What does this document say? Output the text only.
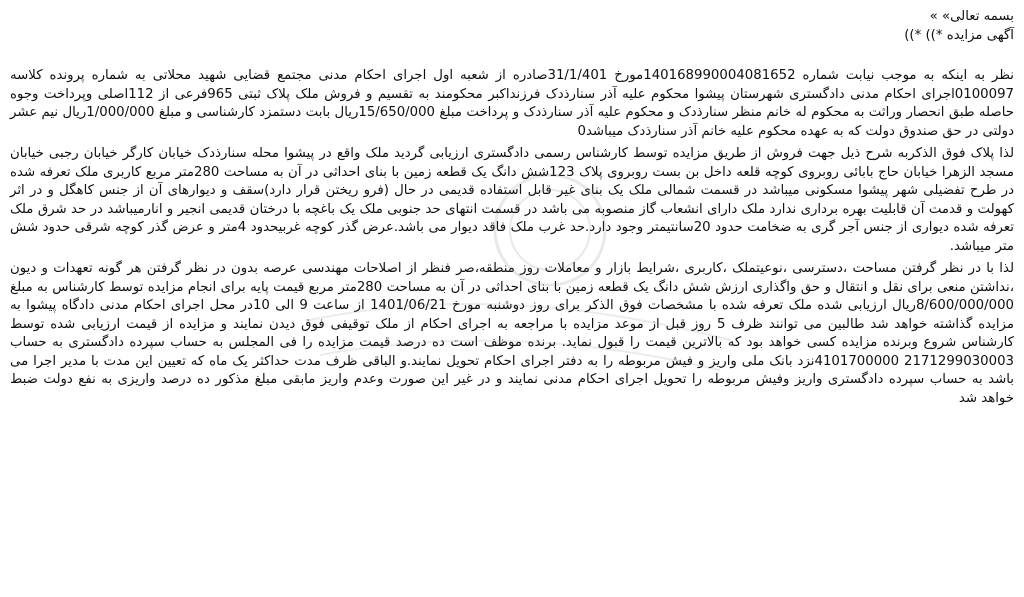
بسمه تعالی» »
آگهی مزایده *)) *))

نظر به اینکه به موجب نیابت شماره 140168990004081652مورخ 31/1/401صادره از شعبه اول اجرای احکام مدنی مجتمع قضایی شهید محلاتی به شماره پرونده کلاسه 0100097اجرای احکام مدنی دادگستری شهرستان پیشوا محکوم علیه آذر سنارذدک فرزنداکبر محکومند به تقسیم و فروش ملک پلاک ثبتی 965فرعی از 112اصلی وپرداخت وجوه حاصله طبق انحصار وراثت به محکوم له خانم منظر سنارذدک و محکوم علیه آذر سنارذدک و پرداخت مبلغ 15/650/000ریال بابت دستمزد کارشناسی و مبلغ 1/000/000ریال نیم عشر دولتی در حق صندوق دولت که به عهده محکوم علیه خانم آذر سنارذدک میباشد0

لذا پلاک فوق الذکربه شرح ذیل جهت فروش از طریق مزایده توسط کارشناس رسمی دادگستری ارزیابی گردید ملک واقع در پیشوا محله سنارذدک خیابان کارگر خیابان رجبی خیابان مسجد الزهرا خیابان حاج بابائی روبروی کوچه قلعه داخل بن بست روبروی پلاک 123شش دانگ یک قطعه زمین با بنای احداثی در آن به مساحت 280متر مربع کاربری ملک تعرفه شده در طرح تفضیلی شهر پیشوا مسکونی میباشد در قسمت شمالی ملک یک بنای غیر قابل استفاده قدیمی در حال (فرو ریختن قرار دارد)سقف و دیوارهای آن از جنس کاهگل و در اثر کهولت و قدمت آن قابلیت بهره برداری ندارد ملک دارای انشعاب گاز منصوبه می باشد در قسمت انتهای حد جنوبی ملک یک باغچه با درختان قدیمی انجیر و انارمیباشد در حد شرق ملک تعرفه شده دیواری از جنس آجر گری به ضخامت حدود 20سانتیمتر وجود دارد.حد غرب ملک فاقد دیوار می باشد.عرض گذر کوچه غربیحدود 4متر و عرض گذر کوچه شرقی حدود شش متر میباشد.

لذا با در نظر گرفتن مساحت ،دسترسی ،نوعیتملک ،کاربری ،شرایط بازار و معاملات روز منطقه،صر فنظر از اصلاحات مهندسی عرصه بدون در نظر گرفتن هر گونه تعهدات و دیون ،نداشتن منعی برای نقل و انتقال و حق واگذاری ارزش شش دانگ یک قطعه زمین با بنای احداثی در آن به مساحت 280متر مربع قیمت پایه برای انجام مزایده توسط کارشناس به مبلغ 8/600/000/000ریال ارزیابی شده ملک تعرفه شده با مشخصات فوق الذکر برای روز دوشنبه مورخ 1401/06/21 از ساعت 9 الی 10در محل اجرای احکام مدنی دادگاه پیشوا به مزایده گذاشته خواهد شد طالبین می توانند ظرف 5 روز قبل از موعد مزایده با مراجعه به اجرای احکام از ملک توقیفی فوق دیدن نمایند و مزایده از قیمت ارزیابی شده توسط کارشناس شروع وبرنده مزایده کسی خواهد بود که بالاترین قیمت را قبول نماید. برنده موظف است ده درصد قیمت مزایده را فی المجلس به حساب سپرده دادگستری به حساب 2171299030003 4101700000نزد بانک ملی واریز و فیش مربوطه را به دفتر اجرای احکام تحویل نمایند.و الباقی ظرف مدت حداکثر یک ماه که تعیین این مدت با مدیر اجرا می باشد به حساب سپرده دادگستری واریز وفیش مربوطه را تحویل اجرای احکام مدنی نمایند و در غیر این صورت وعدم واریز مابقی مبلغ مذکور ده درصد واریزی به نفع دولت ضبط خواهد شد
